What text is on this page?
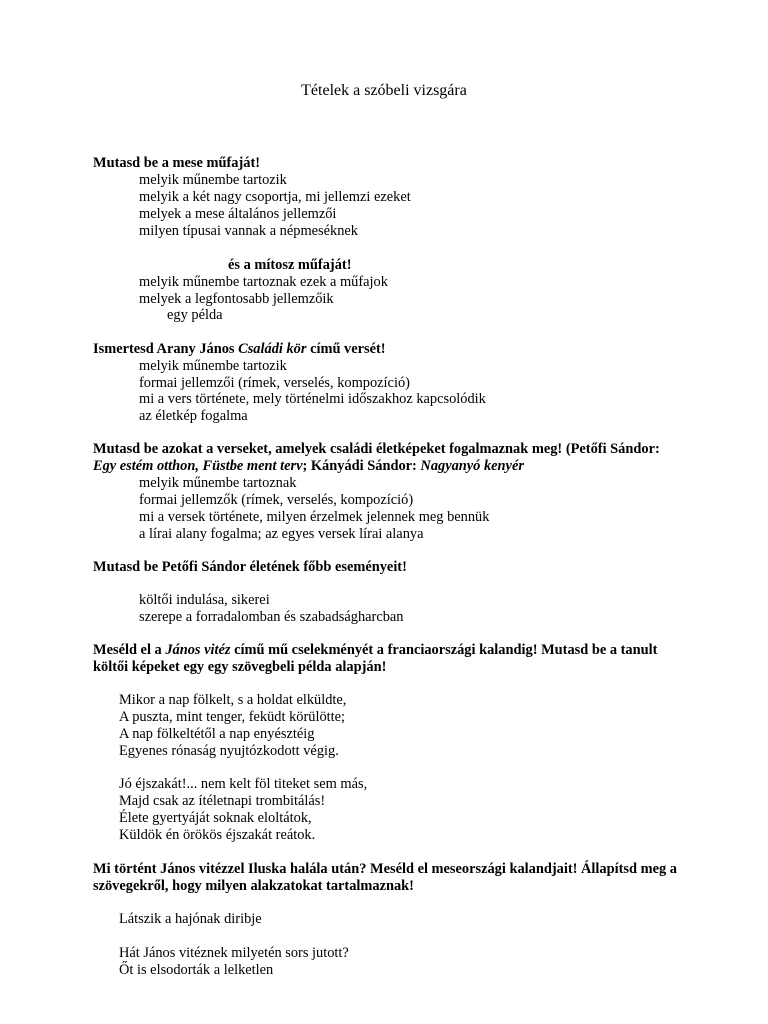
Tételek a szóbeli vizsgára
Mutasd be a mese műfaját!
melyik műnembe tartozik
melyik a két nagy csoportja, mi jellemzi ezeket
melyek a mese általános jellemzői
milyen típusai vannak a népmeséknek
és a mítosz műfaját!
melyik műnembe tartoznak ezek a műfajok
melyek a legfontosabb jellemzőik
egy példa
Ismertesd Arany János Családi kör című versét!
melyik műnembe tartozik
formai jellemzői (rímek, verselés, kompozíció)
mi a vers története, mely történelmi időszakhoz kapcsolódik
az életkép fogalma
Mutasd be azokat a verseket, amelyek családi életképeket fogalmaznak meg! (Petőfi Sándor:
Egy estém otthon, Füstbe ment terv; Kányádi Sándor: Nagyanyó kenyér
melyik műnembe tartoznak
formai jellemzők (rímek, verselés, kompozíció)
mi a versek története, milyen érzelmek jelennek meg bennük
a lírai alany fogalma; az egyes versek lírai alanya
Mutasd be Petőfi Sándor életének főbb eseményeit!
költői indulása, sikerei
szerepe a forradalomban és szabadságharcban
Meséld el a János vitéz című mű cselekményét a franciaországi kalandig! Mutasd be a tanult
költői képeket egy egy szövegbeli példa alapján!
Mikor a nap fölkelt, s a holdat elküldte,
A puszta, mint tenger, feküdt körülötte;
A nap fölkeltétől a nap enyésztéig
Egyenes rónaság nyujtózkodott végig.
Jó éjszakát!... nem kelt föl titeket sem más,
Majd csak az ítéletnapi trombitálás!
Élete gyertyáját soknak eloltátok,
Küldök én örökös éjszakát reátok.
Mi történt János vitézzel Iluska halála után? Meséld el meseországi kalandjait! Állapítsd meg a
szövegekről, hogy milyen alakzatokat tartalmaznak!
Látszik a hajónak diribje
Hát János vitéznek milyetén sors jutott?
Őt is elsodorták a lelketlen
